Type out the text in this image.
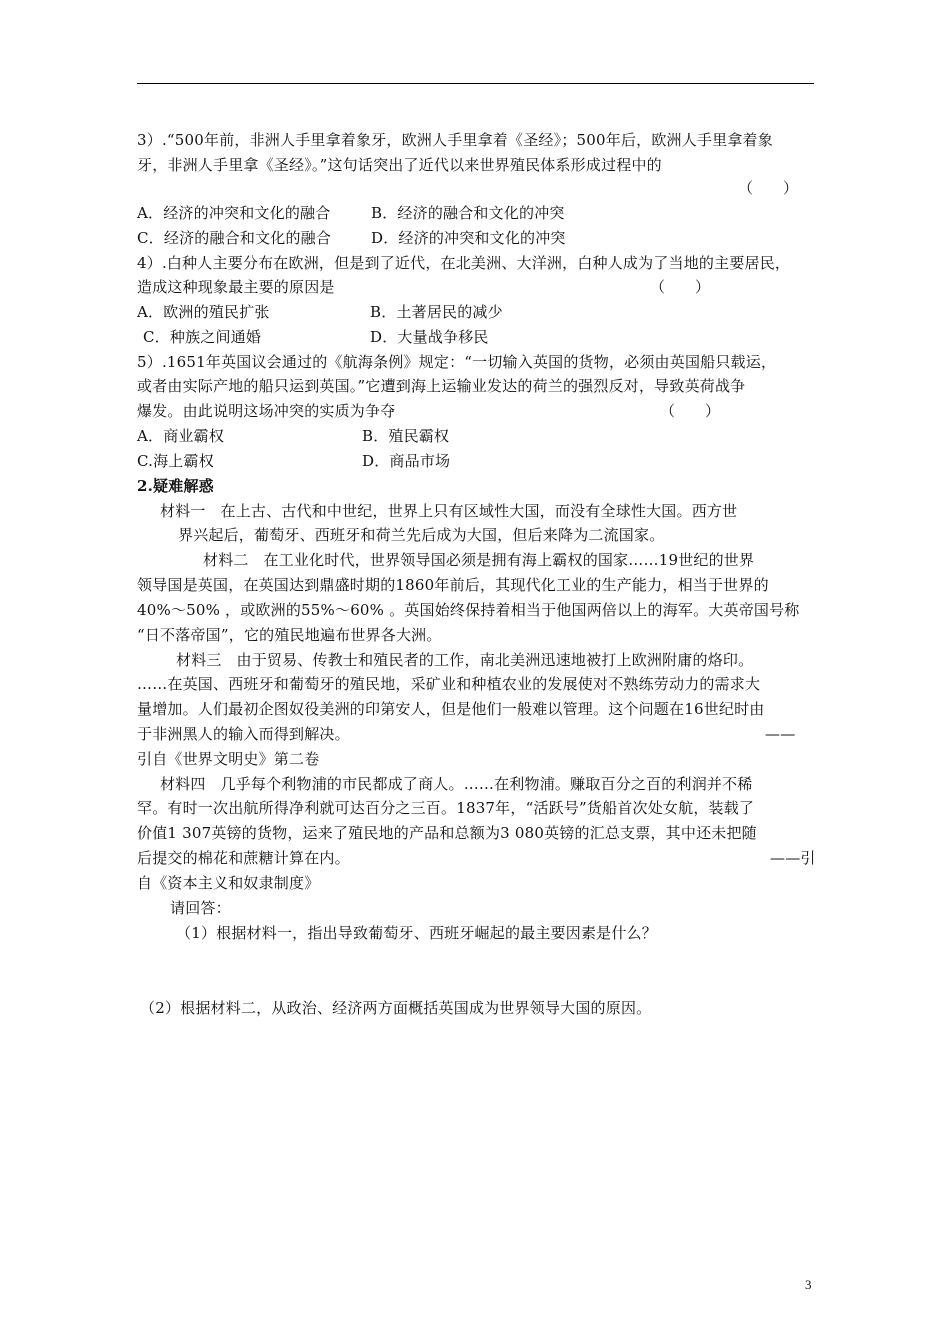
3）.“500年前，非洲人手里拿着象牙，欧洲人手里拿着《圣经》；500年后，欧洲人手里拿着象
牙，非洲人手里拿《圣经》。”这句话突出了近代以来世界殖民体系形成过程中的
（      ）
A．经济的冲突和文化的融合	B．经济的融合和文化的冲突
C．经济的融合和文化的融合	D．经济的冲突和文化的冲突
4）.白种人主要分布在欧洲，但是到了近代，在北美洲、大洋洲，白种人成为了当地的主要居民，
造成这种现象最主要的原因是	（      ）
A．欧洲的殖民扩张	B．土著居民的减少
C．种族之间通婚	D．大量战争移民
5）.1651年英国议会通过的《航海条例》规定：“一切输入英国的货物，必须由英国船只载运，
或者由实际产地的船只运到英国。”它遭到海上运输业发达的荷兰的强烈反对，导致英荷战争
爆发。由此说明这场冲突的实质为争夺	（      ）
A．商业霸权	B．殖民霸权
C.海上霸权	D．商品市场
2.疑难解惑
材料一   在上古、古代和中世纪，世界上只有区域性大国，而没有全球性大国。西方世
界兴起后，葡萄牙、西班牙和荷兰先后成为大国，但后来降为二流国家。
材料二   在工业化时代，世界领导国必须是拥有海上霸权的国家……19世纪的世界
领导国是英国，在英国达到鼎盛时期的1860年前后，其现代化工业的生产能力，相当于世界的
40%～50% ，或欧洲的55%～60% 。英国始终保持着相当于他国两倍以上的海军。大英帝国号称
“日不落帝国”，它的殖民地遍布世界各大洲。
材料三   由于贸易、传教士和殖民者的工作，南北美洲迅速地被打上欧洲附庸的烙印。
……在英国、西班牙和葡萄牙的殖民地，采矿业和种植农业的发展使对不熟练劳动力的需求大
量增加。人们最初企图奴役美洲的印第安人，但是他们一般难以管理。这个问题在16世纪时由
于非洲黑人的输入而得到解决。	——
引自《世界文明史》第二卷
材料四   几乎每个利物浦的市民都成了商人。……在利物浦。赚取百分之百的利润并不稀
罕。有时一次出航所得净利就可达百分之三百。1837年，“活跃号”货船首次处女航，装载了
价值1 307英镑的货物，运来了殖民地的产品和总额为3 080英镑的汇总支票，其中还未把随
后提交的棉花和蔗糖计算在内。	——引
自《资本主义和奴隶制度》
请回答：
（1）根据材料一，指出导致葡萄牙、西班牙崛起的最主要因素是什么？
（2）根据材料二，从政治、经济两方面概括英国成为世界领导大国的原因。
3
